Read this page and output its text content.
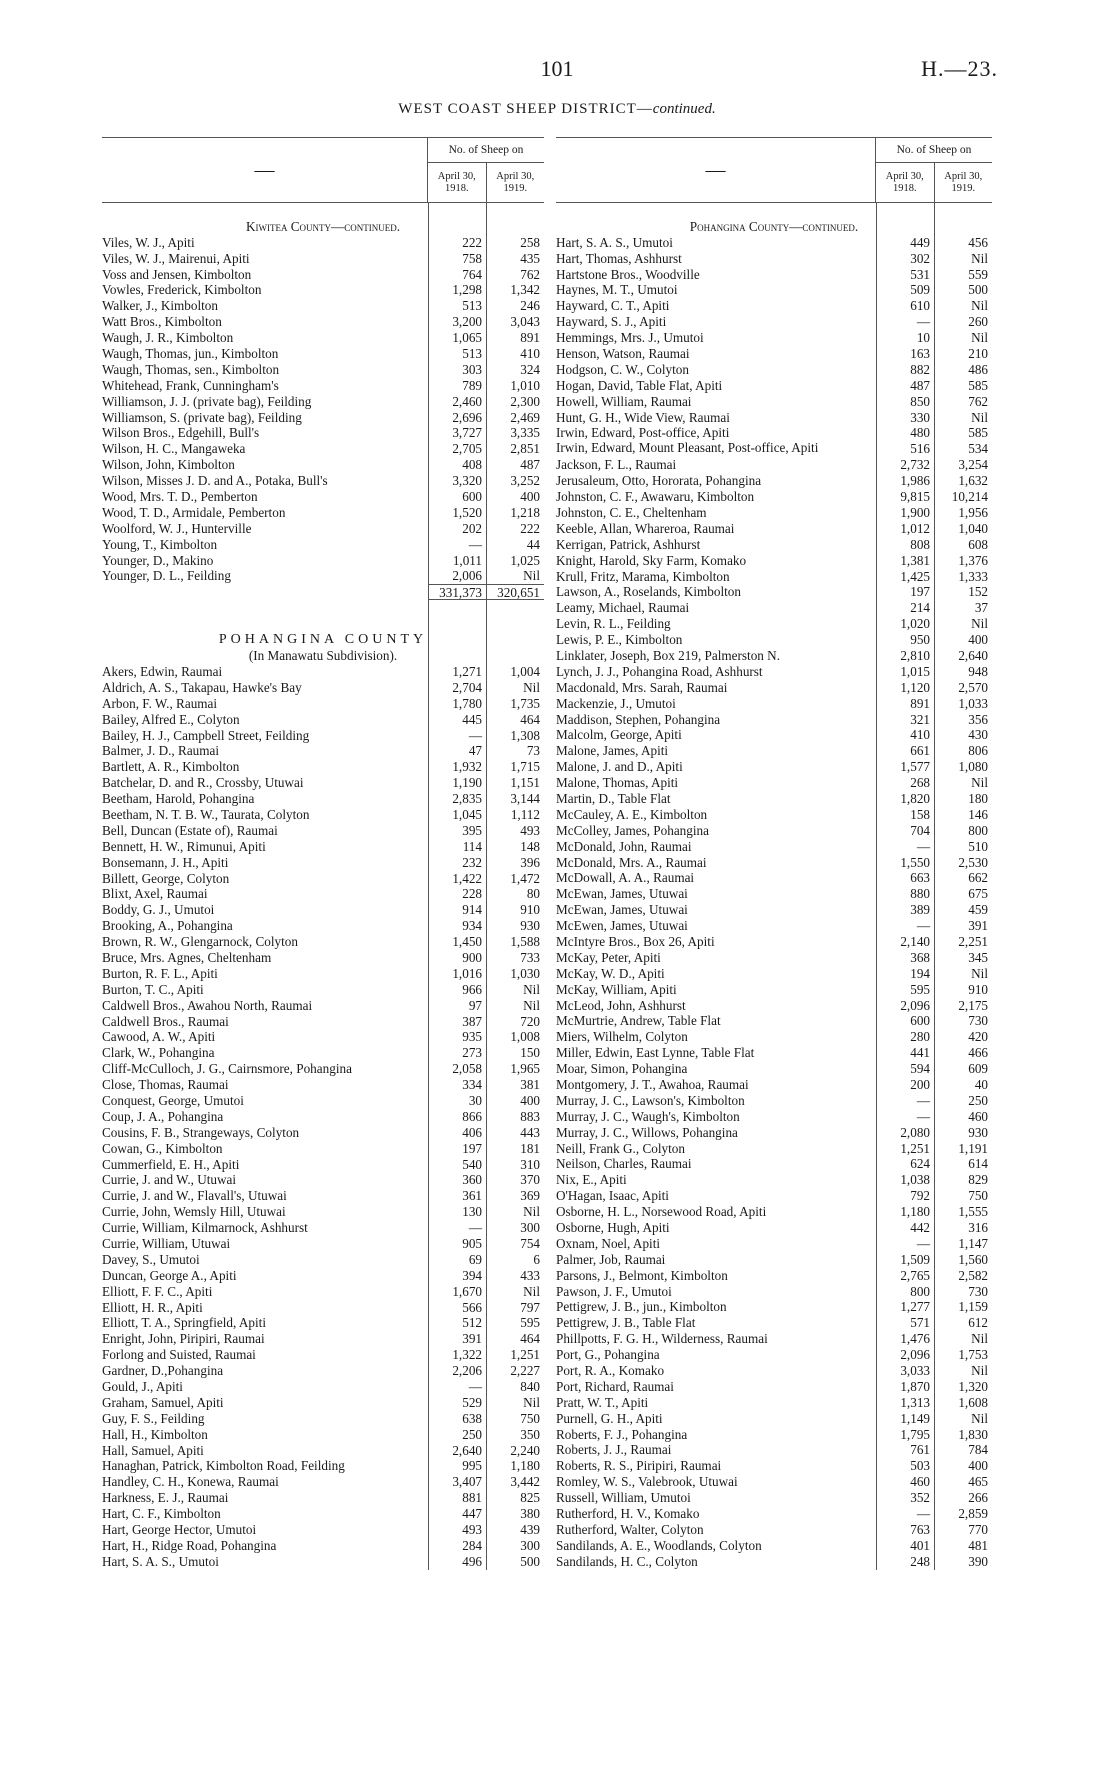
101	H.—23.
WEST COAST SHEEP DISTRICT—continued.
—
No. of Sheep on
April 30,
1918.
April 30,
1919.
Kiwitea County—continued.
Viles, W. J., Apiti	222	258
Viles, W. J., Mairenui, Apiti	758	435
Voss and Jensen, Kimbolton	764	762
Vowles, Frederick, Kimbolton	1,298	1,342
Walker, J., Kimbolton	513	246
Watt Bros., Kimbolton	3,200	3,043
Waugh, J. R., Kimbolton	1,065	891
Waugh, Thomas, jun., Kimbolton	513	410
Waugh, Thomas, sen., Kimbolton	303	324
Whitehead, Frank, Cunningham's	789	1,010
Williamson, J. J. (private bag), Feilding	2,460	2,300
Williamson, S. (private bag), Feilding	2,696	2,469
Wilson Bros., Edgehill, Bull's	3,727	3,335
Wilson, H. C., Mangaweka	2,705	2,851
Wilson, John, Kimbolton	408	487
Wilson, Misses J. D. and A., Potaka, Bull's	3,320	3,252
Wood, Mrs. T. D., Pemberton	600	400
Wood, T. D., Armidale, Pemberton	1,520	1,218
Woolford, W. J., Hunterville	202	222
Young, T., Kimbolton	—	44
Younger, D., Makino	1,011	1,025
Younger, D. L., Feilding	2,006	Nil
331,373	320,651
POHANGINA COUNTY
(In Manawatu Subdivision).
Akers, Edwin, Raumai	1,271	1,004
Aldrich, A. S., Takapau, Hawke's Bay	2,704	Nil
Arbon, F. W., Raumai	1,780	1,735
Bailey, Alfred E., Colyton	445	464
Bailey, H. J., Campbell Street, Feilding	—	1,308
Balmer, J. D., Raumai	47	73
Bartlett, A. R., Kimbolton	1,932	1,715
Batchelar, D. and R., Crossby, Utuwai	1,190	1,151
Beetham, Harold, Pohangina	2,835	3,144
Beetham, N. T. B. W., Taurata, Colyton	1,045	1,112
Bell, Duncan (Estate of), Raumai	395	493
Bennett, H. W., Rimunui, Apiti	114	148
Bonsemann, J. H., Apiti	232	396
Billett, George, Colyton	1,422	1,472
Blixt, Axel, Raumai	228	80
Boddy, G. J., Umutoi	914	910
Brooking, A., Pohangina	934	930
Brown, R. W., Glengarnock, Colyton	1,450	1,588
Bruce, Mrs. Agnes, Cheltenham	900	733
Burton, R. F. L., Apiti	1,016	1,030
Burton, T. C., Apiti	966	Nil
Caldwell Bros., Awahou North, Raumai	97	Nil
Caldwell Bros., Raumai	387	720
Cawood, A. W., Apiti	935	1,008
Clark, W., Pohangina	273	150
Cliff-McCulloch, J. G., Cairnsmore, Pohangina	2,058	1,965
Close, Thomas, Raumai	334	381
Conquest, George, Umutoi	30	400
Coup, J. A., Pohangina	866	883
Cousins, F. B., Strangeways, Colyton	406	443
Cowan, G., Kimbolton	197	181
Cummerfield, E. H., Apiti	540	310
Currie, J. and W., Utuwai	360	370
Currie, J. and W., Flavall's, Utuwai	361	369
Currie, John, Wemsly Hill, Utuwai	130	Nil
Currie, William, Kilmarnock, Ashhurst	—	300
Currie, William, Utuwai	905	754
Davey, S., Umutoi	69	6
Duncan, George A., Apiti	394	433
Elliott, F. F. C., Apiti	1,670	Nil
Elliott, H. R., Apiti	566	797
Elliott, T. A., Springfield, Apiti	512	595
Enright, John, Piripiri, Raumai	391	464
Forlong and Suisted, Raumai	1,322	1,251
Gardner, D.,Pohangina	2,206	2,227
Gould, J., Apiti	—	840
Graham, Samuel, Apiti	529	Nil
Guy, F. S., Feilding	638	750
Hall, H., Kimbolton	250	350
Hall, Samuel, Apiti	2,640	2,240
Hanaghan, Patrick, Kimbolton Road, Feilding	995	1,180
Handley, C. H., Konewa, Raumai	3,407	3,442
Harkness, E. J., Raumai	881	825
Hart, C. F., Kimbolton	447	380
Hart, George Hector, Umutoi	493	439
Hart, H., Ridge Road, Pohangina	284	300
Hart, S. A. S., Umutoi	496	500
—
No. of Sheep on
April 30,
1918.
April 30,
1919.
Pohangina County—continued.
Hart, S. A. S., Umutoi	449	456
Hart, Thomas, Ashhurst	302	Nil
Hartstone Bros., Woodville	531	559
Haynes, M. T., Umutoi	509	500
Hayward, C. T., Apiti	610	Nil
Hayward, S. J., Apiti	—	260
Hemmings, Mrs. J., Umutoi	10	Nil
Henson, Watson, Raumai	163	210
Hodgson, C. W., Colyton	882	486
Hogan, David, Table Flat, Apiti	487	585
Howell, William, Raumai	850	762
Hunt, G. H., Wide View, Raumai	330	Nil
Irwin, Edward, Post-office, Apiti	480	585
Irwin, Edward, Mount Pleasant, Post-office, Apiti	516	534
Jackson, F. L., Raumai	2,732	3,254
Jerusaleum, Otto, Hororata, Pohangina	1,986	1,632
Johnston, C. F., Awawaru, Kimbolton	9,815	10,214
Johnston, C. E., Cheltenham	1,900	1,956
Keeble, Allan, Whareroa, Raumai	1,012	1,040
Kerrigan, Patrick, Ashhurst	808	608
Knight, Harold, Sky Farm, Komako	1,381	1,376
Krull, Fritz, Marama, Kimbolton	1,425	1,333
Lawson, A., Roselands, Kimbolton	197	152
Leamy, Michael, Raumai	214	37
Levin, R. L., Feilding	1,020	Nil
Lewis, P. E., Kimbolton	950	400
Linklater, Joseph, Box 219, Palmerston N.	2,810	2,640
Lynch, J. J., Pohangina Road, Ashhurst	1,015	948
Macdonald, Mrs. Sarah, Raumai	1,120	2,570
Mackenzie, J., Umutoi	891	1,033
Maddison, Stephen, Pohangina	321	356
Malcolm, George, Apiti	410	430
Malone, James, Apiti	661	806
Malone, J. and D., Apiti	1,577	1,080
Malone, Thomas, Apiti	268	Nil
Martin, D., Table Flat	1,820	180
McCauley, A. E., Kimbolton	158	146
McColley, James, Pohangina	704	800
McDonald, John, Raumai	—	510
McDonald, Mrs. A., Raumai	1,550	2,530
McDowall, A. A., Raumai	663	662
McEwan, James, Utuwai	880	675
McEwan, James, Utuwai	389	459
McEwen, James, Utuwai	—	391
McIntyre Bros., Box 26, Apiti	2,140	2,251
McKay, Peter, Apiti	368	345
McKay, W. D., Apiti	194	Nil
McKay, William, Apiti	595	910
McLeod, John, Ashhurst	2,096	2,175
McMurtrie, Andrew, Table Flat	600	730
Miers, Wilhelm, Colyton	280	420
Miller, Edwin, East Lynne, Table Flat	441	466
Moar, Simon, Pohangina	594	609
Montgomery, J. T., Awahoa, Raumai	200	40
Murray, J. C., Lawson's, Kimbolton	—	250
Murray, J. C., Waugh's, Kimbolton	—	460
Murray, J. C., Willows, Pohangina	2,080	930
Neill, Frank G., Colyton	1,251	1,191
Neilson, Charles, Raumai	624	614
Nix, E., Apiti	1,038	829
O'Hagan, Isaac, Apiti	792	750
Osborne, H. L., Norsewood Road, Apiti	1,180	1,555
Osborne, Hugh, Apiti	442	316
Oxnam, Noel, Apiti	—	1,147
Palmer, Job, Raumai	1,509	1,560
Parsons, J., Belmont, Kimbolton	2,765	2,582
Pawson, J. F., Umutoi	800	730
Pettigrew, J. B., jun., Kimbolton	1,277	1,159
Pettigrew, J. B., Table Flat	571	612
Phillpotts, F. G. H., Wilderness, Raumai	1,476	Nil
Port, G., Pohangina	2,096	1,753
Port, R. A., Komako	3,033	Nil
Port, Richard, Raumai	1,870	1,320
Pratt, W. T., Apiti	1,313	1,608
Purnell, G. H., Apiti	1,149	Nil
Roberts, F. J., Pohangina	1,795	1,830
Roberts, J. J., Raumai	761	784
Roberts, R. S., Piripiri, Raumai	503	400
Romley, W. S., Valebrook, Utuwai	460	465
Russell, William, Umutoi	352	266
Rutherford, H. V., Komako	—	2,859
Rutherford, Walter, Colyton	763	770
Sandilands, A. E., Woodlands, Colyton	401	481
Sandilands, H. C., Colyton	248	390
